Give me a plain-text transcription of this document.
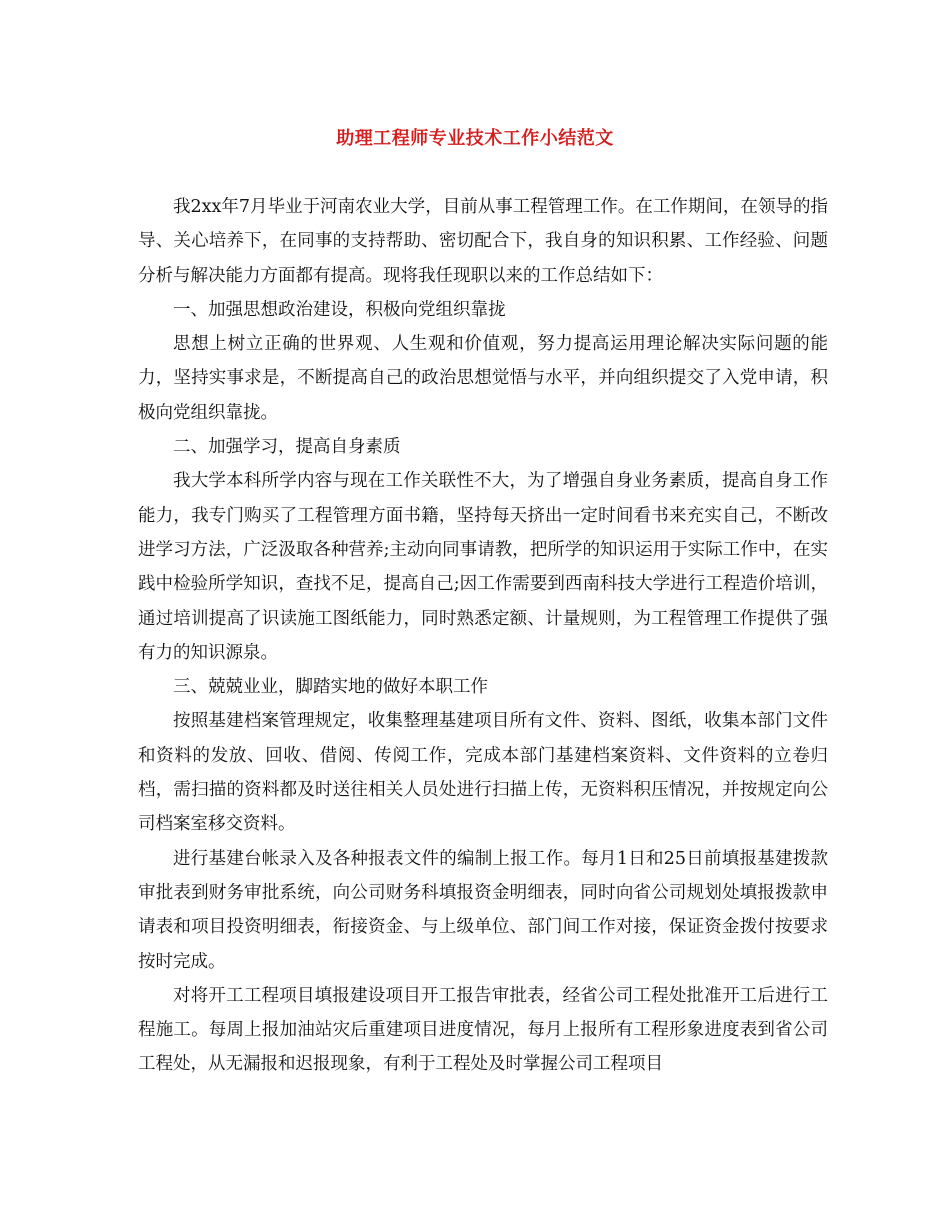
助理工程师专业技术工作小结范文

我2xx年7月毕业于河南农业大学，目前从事工程管理工作。在工作期间，在领导的指导、关心培养下，在同事的支持帮助、密切配合下，我自身的知识积累、工作经验、问题分析与解决能力方面都有提高。现将我任现职以来的工作总结如下：

一、加强思想政治建设，积极向党组织靠拢

思想上树立正确的世界观、人生观和价值观，努力提高运用理论解决实际问题的能力，坚持实事求是，不断提高自己的政治思想觉悟与水平，并向组织提交了入党申请，积极向党组织靠拢。

二、加强学习，提高自身素质

我大学本科所学内容与现在工作关联性不大，为了增强自身业务素质，提高自身工作能力，我专门购买了工程管理方面书籍，坚持每天挤出一定时间看书来充实自己，不断改进学习方法，广泛汲取各种营养;主动向同事请教，把所学的知识运用于实际工作中，在实践中检验所学知识，查找不足，提高自己;因工作需要到西南科技大学进行工程造价培训，通过培训提高了识读施工图纸能力，同时熟悉定额、计量规则，为工程管理工作提供了强有力的知识源泉。

三、兢兢业业，脚踏实地的做好本职工作

按照基建档案管理规定，收集整理基建项目所有文件、资料、图纸，收集本部门文件和资料的发放、回收、借阅、传阅工作，完成本部门基建档案资料、文件资料的立卷归档，需扫描的资料都及时送往相关人员处进行扫描上传，无资料积压情况，并按规定向公司档案室移交资料。

进行基建台帐录入及各种报表文件的编制上报工作。每月1日和25日前填报基建拨款审批表到财务审批系统，向公司财务科填报资金明细表，同时向省公司规划处填报拨款申请表和项目投资明细表，衔接资金、与上级单位、部门间工作对接，保证资金拨付按要求按时完成。

对将开工工程项目填报建设项目开工报告审批表，经省公司工程处批准开工后进行工程施工。每周上报加油站灾后重建项目进度情况，每月上报所有工程形象进度表到省公司工程处，从无漏报和迟报现象，有利于工程处及时掌握公司工程项目
